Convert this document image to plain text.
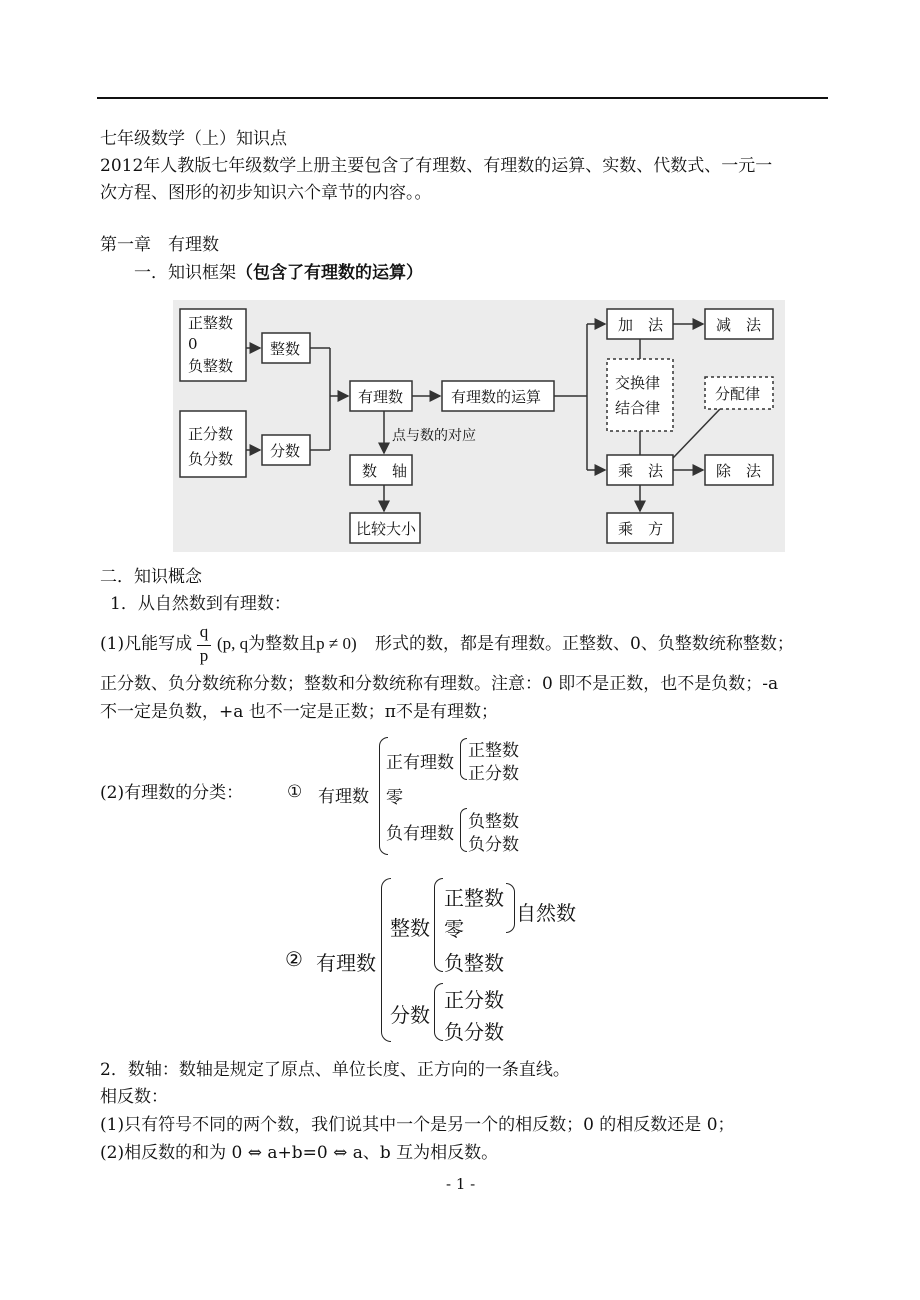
七年级数学（上）知识点
2012年人教版七年级数学上册主要包含了有理数、有理数的运算、实数、代数式、一元一
次方程、图形的初步知识六个章节的内容。。
第一章　有理数
一．知识框架（包含了有理数的运算）
正整数
0
负整数
正分数
负分数
整数
分数
有理数	有理数的运算
点与数的对应
数　轴
比较大小
加　法	减　法
交换律
结合律
分配律
乘　法	除　法
乘　方
二．知识概念
1．从自然数到有理数：
(1)凡能写成
q
p
(p, q为整数且p ≠ 0) 形式的数，都是有理数。正整数、0、负整数统称整数；
正分数、负分数统称分数；整数和分数统称有理数。注意：0 即不是正数，也不是负数；-a
不一定是负数，+a 也不一定是正数；π不是有理数；
(2)有理数的分类：	① 有理数
正有理数
正整数
正分数
零
负有理数
负整数
负分数
② 有理数
整数
正整数
零
负整数
自然数
分数
正分数
负分数
2．数轴：数轴是规定了原点、单位长度、正方向的一条直线。
相反数：
(1)只有符号不同的两个数，我们说其中一个是另一个的相反数；0 的相反数还是 0；
(2)相反数的和为 0 ⇔ a+b=0 ⇔ a、b 互为相反数。
- 1 -
